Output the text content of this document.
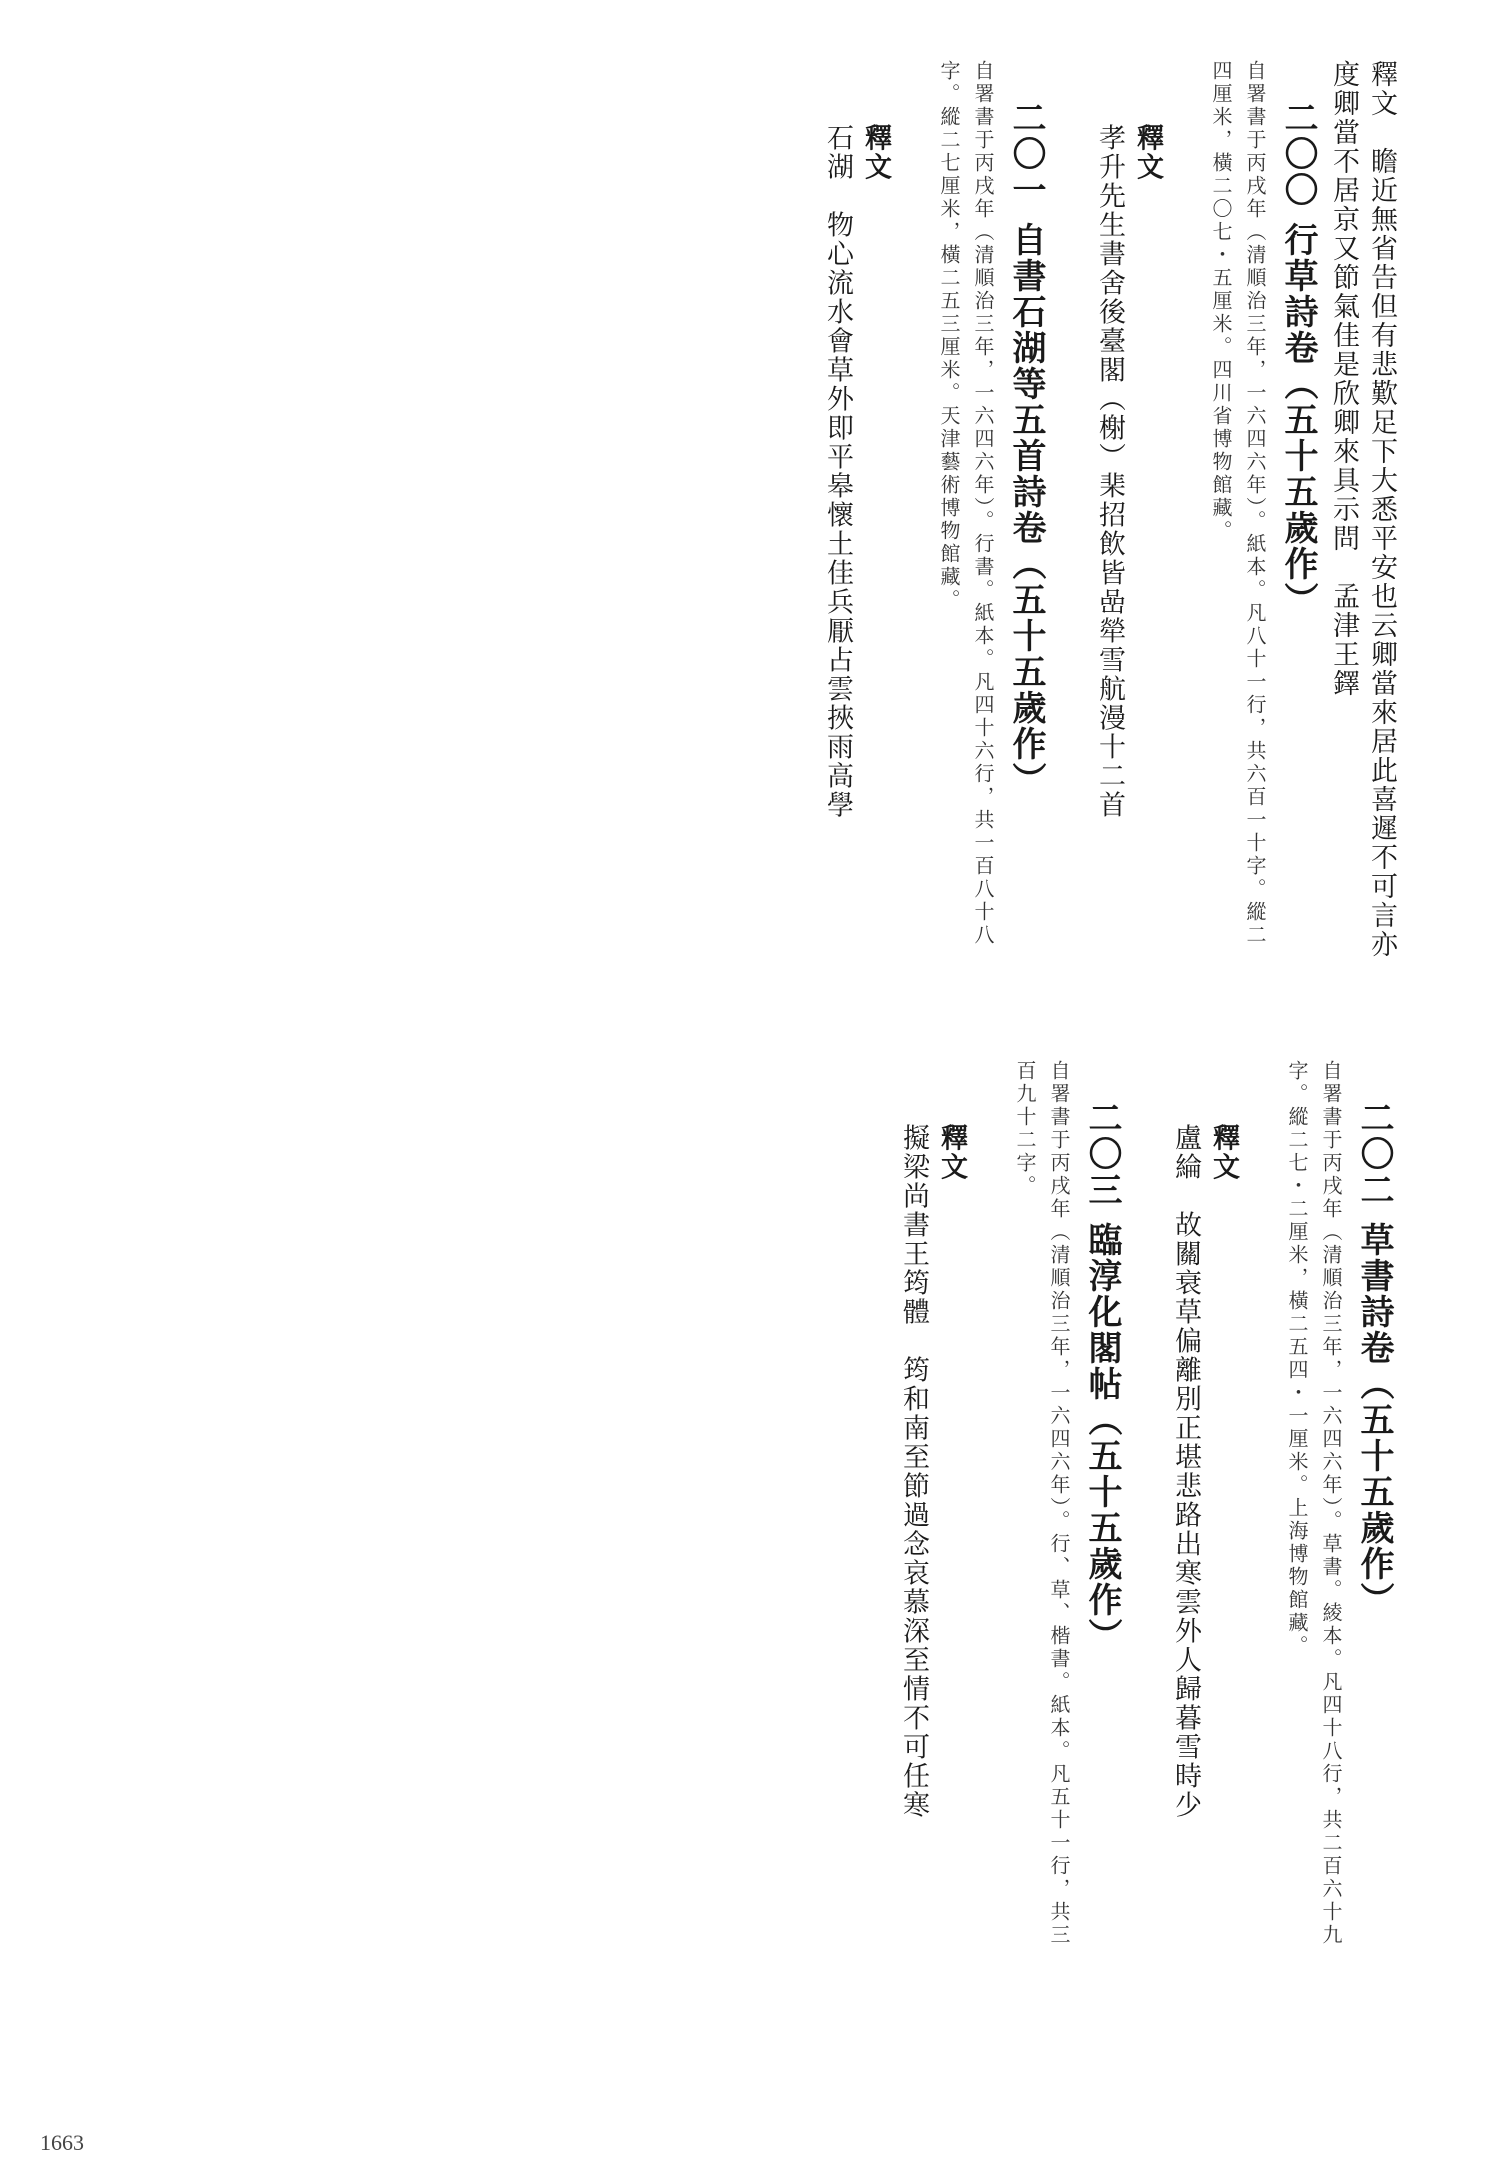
釋文　瞻近無省告但有悲歎足下大悉平安也云卿當來居此喜遲不可言亦度卿當不居京又節氣佳是欣卿來具示問　孟津王鐸
二〇〇 行草詩卷（五十五歲作）
自署書于丙戌年（清順治三年，一六四六年）。紙本。凡八十一行，共六百一十字。縱二四厘米，橫二〇七・五厘米。四川省博物館藏。

釋文
孝升先生書舍後臺閣（榭）棐招飲皆嵒犖雪航漫十二首

二〇一 自書石湖等五首詩卷（五十五歲作）
自署書于丙戌年（清順治三年，一六四六年）。行書。紙本。凡四十六行，共一百八十八字。縱二七厘米，橫二五三厘米。天津藝術博物館藏。

釋文
石湖　物心流水會草外即平皋懷土佳兵厭占雲挾雨高學

二〇二 草書詩卷（五十五歲作）
自署書于丙戌年（清順治三年，一六四六年）。草書。綾本。凡四十八行，共二百六十九字。縱二七・二厘米，橫二五四・一厘米。上海博物館藏。

釋文
盧綸　故關衰草偏離別正堪悲路出寒雲外人歸暮雪時少

二〇三 臨淳化閣帖（五十五歲作）
自署書于丙戌年（清順治三年，一六四六年）。行、草、楷書。紙本。凡五十一行，共三百九十二字。

釋文
擬梁尚書王筠體　筠和南至節過念哀慕深至情不可任寒

1663
